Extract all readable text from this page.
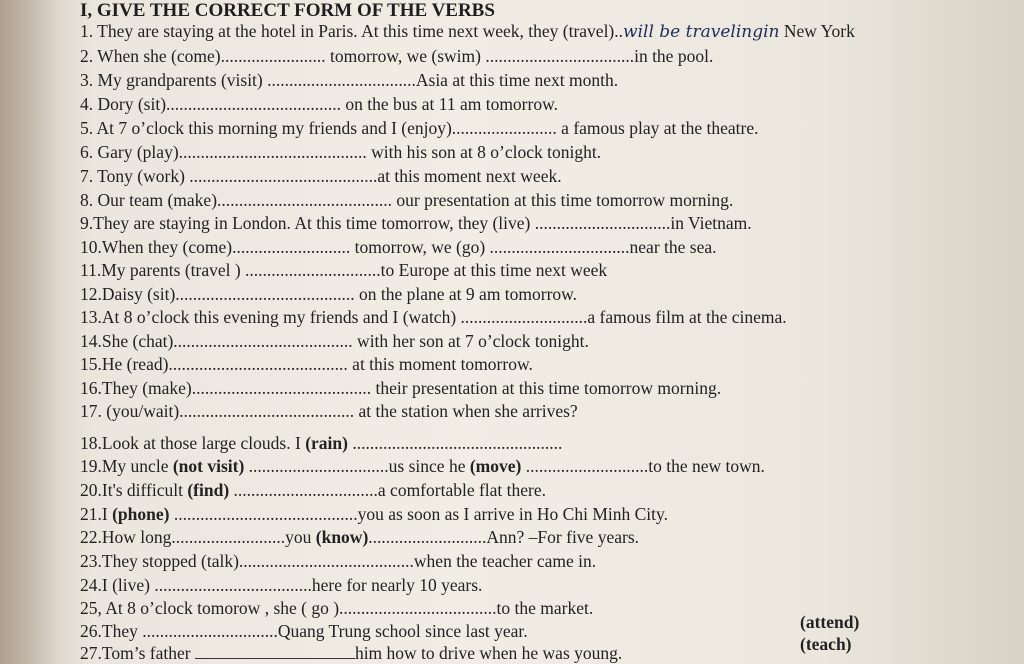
I, GIVE THE CORRECT FORM OF THE VERBS
1. They are staying at the hotel in Paris. At this time next week, they (travel)..will be travelingin New York
2. When she (come)........................ tomorrow, we (swim) ..................................in the pool.
3. My grandparents (visit) ..................................Asia at this time next month.
4. Dory (sit)........................................ on the bus at 11 am tomorrow.
5. At 7 o’clock this morning my friends and I (enjoy)........................ a famous play at the theatre.
6. Gary (play)........................................... with his son at 8 o’clock tonight.
7. Tony (work) ...........................................at this moment next week.
8. Our team (make)........................................ our presentation at this time tomorrow morning.
9.They are staying in London. At this time tomorrow, they (live) ...............................in Vietnam.
10.When they (come)........................... tomorrow, we (go) ................................near the sea.
11.My parents (travel ) ...............................to Europe at this time next week
12.Daisy (sit)......................................... on the plane at 9 am tomorrow.
13.At 8 o’clock this evening my friends and I (watch) .............................a famous film at the cinema.
14.She (chat)......................................... with her son at 7 o’clock tonight.
15.He (read)......................................... at this moment tomorrow.
16.They (make)......................................... their presentation at this time tomorrow morning.
17. (you/wait)........................................ at the station when she arrives?
18.Look at those large clouds. I (rain) ................................................
19.My uncle (not visit) ................................us since he (move) ............................to the new town.
20.It's difficult (find) .................................a comfortable flat there.
21.I (phone) ..........................................you as soon as I arrive in Ho Chi Minh City.
22.How long..........................you (know)...........................Ann? –For five years.
23.They stopped (talk)........................................when the teacher came in.
24.I (live) ....................................here for nearly 10 years.
25, At 8 o’clock tomorow , she ( go )....................................to the market.
26.They ...............................Quang Trung school since last year.
27.Tom’s father	him how to drive when he was young.
(attend)
(teach)
